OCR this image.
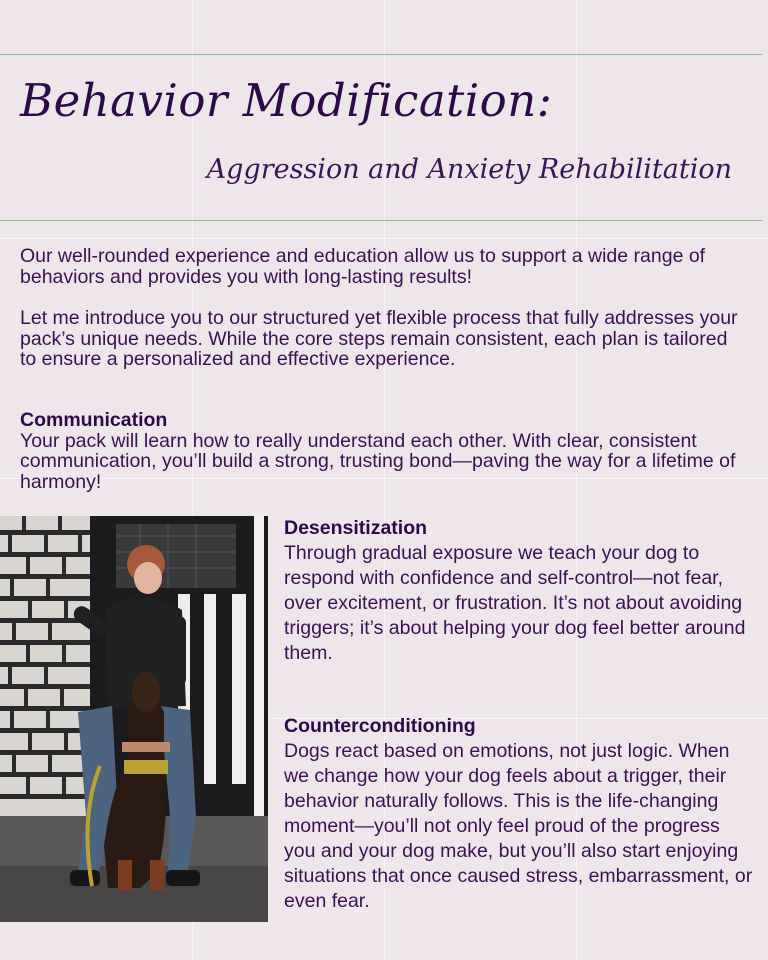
Behavior Modification:
Aggression and Anxiety Rehabilitation

Our well-rounded experience and education allow us to support a wide range of behaviors and provides you with long-lasting results!

Let me introduce you to our structured yet flexible process that fully addresses your pack’s unique needs. While the core steps remain consistent, each plan is tailored to ensure a personalized and effective experience.

Communication
Your pack will learn how to really understand each other. With clear, consistent communication, you’ll build a strong, trusting bond—paving the way for a lifetime of harmony!
Desensitization
Through gradual exposure we teach your dog to respond with confidence and self-control—not fear, over excitement, or frustration. It’s not about avoiding triggers; it’s about helping your dog feel better around them.
Counterconditioning
Dogs react based on emotions, not just logic. When we change how your dog feels about a trigger, their behavior naturally follows. This is the life-changing moment—you’ll not only feel proud of the progress you and your dog make, but you’ll also start enjoying situations that once caused stress, embarrassment, or even fear.
